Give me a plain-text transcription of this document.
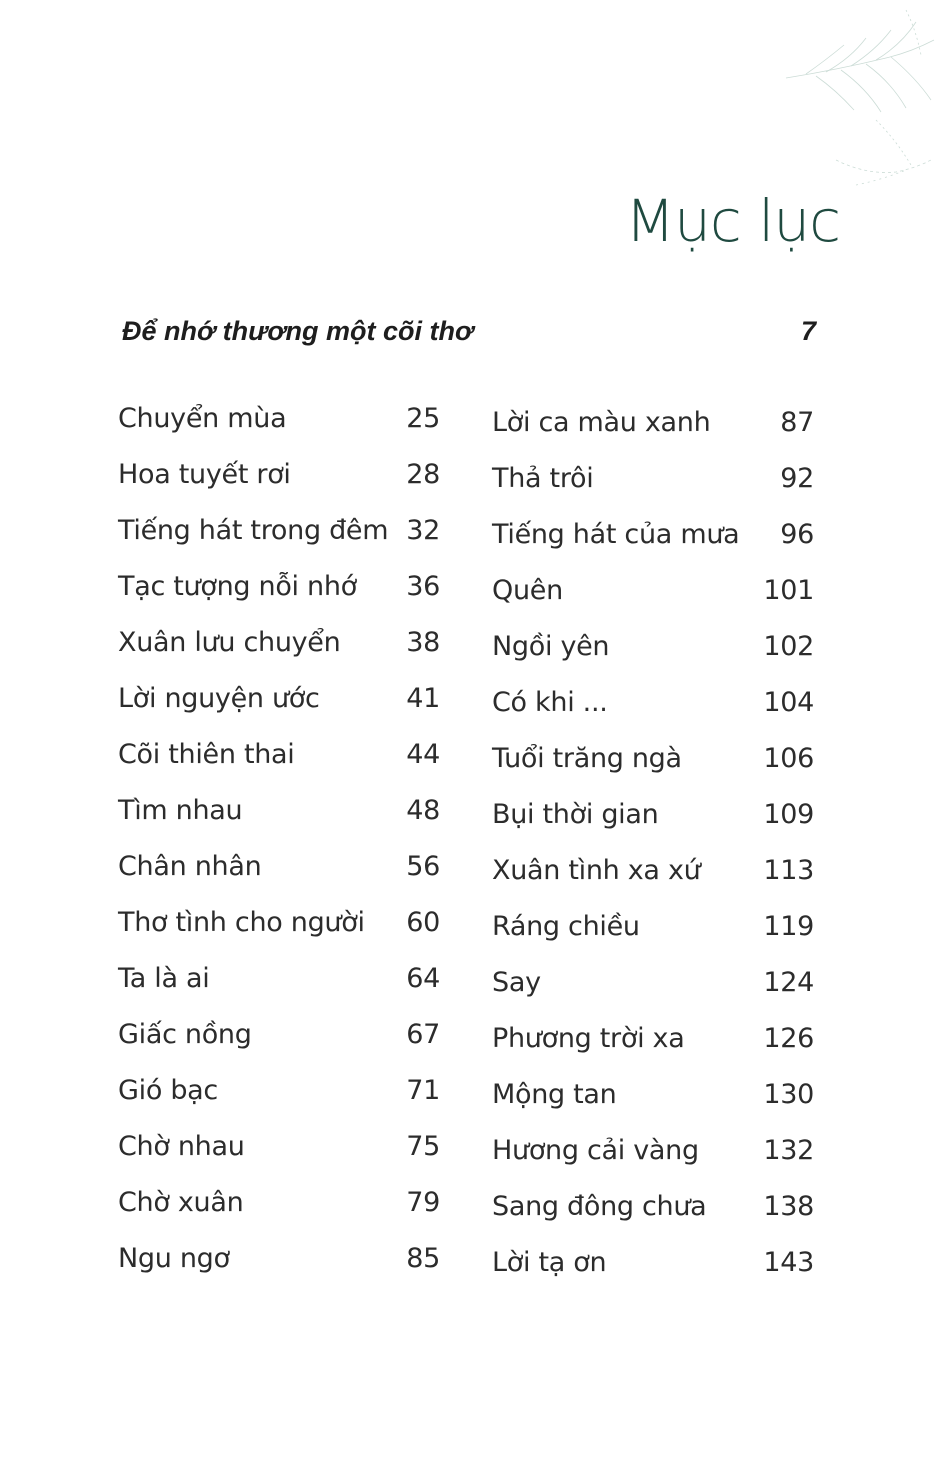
Mục lục
Để nhớ thương một cõi thơ	7
Chuyển mùa	25
Hoa tuyết rơi	28
Tiếng hát trong đêm 32
Tạc tượng nỗi nhớ	36
Xuân lưu chuyển	38
Lời nguyện ước	41
Cõi thiên thai	44
Tìm nhau	48
Chân nhân	56
Thơ tình cho người	60
Ta là ai	64
Giấc nồng	67
Gió bạc	71
Chờ nhau	75
Chờ xuân	79
Ngu ngơ	85
Lời ca màu xanh	87
Thả trôi	92
Tiếng hát của mưa	96
Quên	101
Ngồi yên	102
Có khi ...	104
Tuổi trăng ngà	106
Bụi thời gian	109
Xuân tình xa xứ 113
Ráng chiều	119
Say	124
Phương trời xa	126
Mộng tan	130
Hương cải vàng 132
Sang đông chưa 138
Lời tạ ơn	143
